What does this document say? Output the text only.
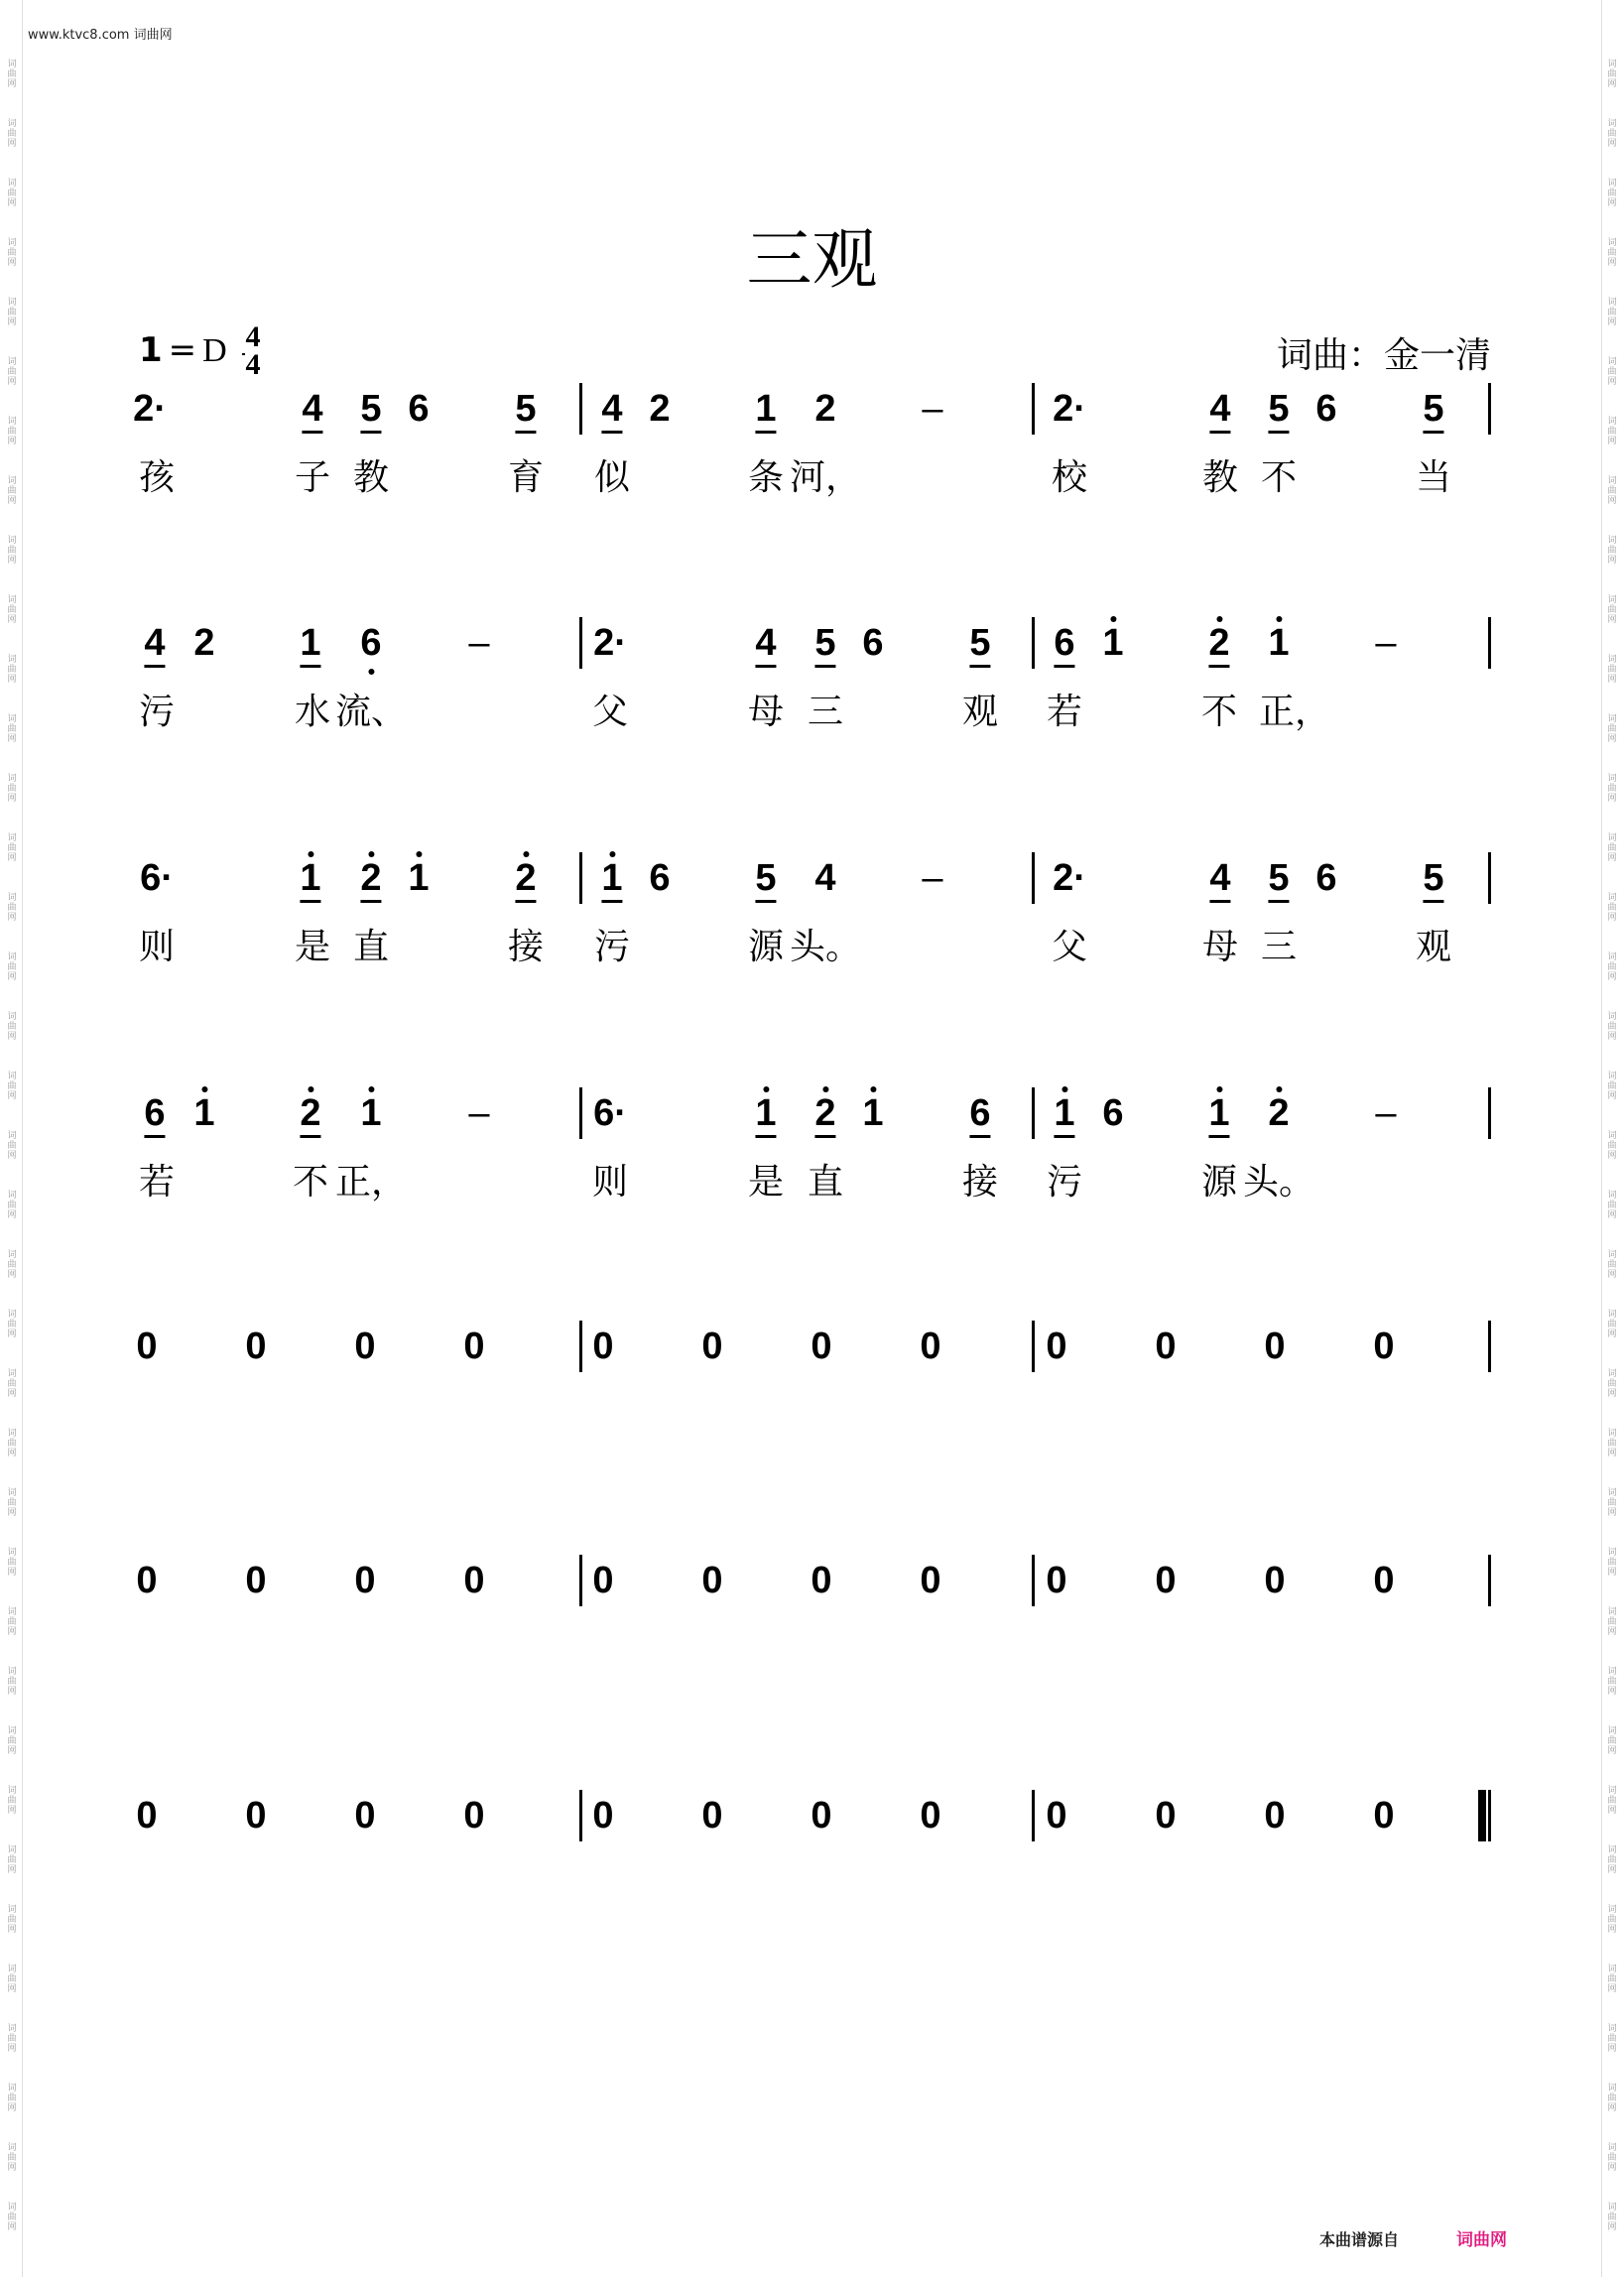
词
曲
网
词
曲
网
词
曲
网
词
曲
网
词
曲
网
词
曲
网
词
曲
网
词
曲
网
词
曲
网
词
曲
网
词
曲
网
词
曲
网
词
曲
网
词
曲
网
词
曲
网
词
曲
网
词
曲
网
词
曲
网
词
曲
网
词
曲
网
词
曲
网
词
曲
网
词
曲
网
词
曲
网
词
曲
网
词
曲
网
词
曲
网
词
曲
网
词
曲
网
词
曲
网
词
曲
网
词
曲
网
词
曲
网
词
曲
网
词
曲
网
词
曲
网
词
曲
网
词
曲
网
词
曲
网
词
曲
网
词
曲
网
词
曲
网
词
曲
网
词
曲
网
词
曲
网
词
曲
网
词
曲
网
词
曲
网
词
曲
网
词
曲
网
词
曲
网
词
曲
网
词
曲
网
词
曲
网
词
曲
网
词
曲
网
词
曲
网
词
曲
网
词
曲
网
词
曲
网
词
曲
网
词
曲
网
词
曲
网
词
曲
网
词
曲
网
词
曲
网
词
曲
网
词
曲
网
词
曲
网
词
曲
网
词
曲
网
词
曲
网
词
曲
网
词
曲
网
www.ktvc8.com 词曲网
三观
1 = D 4
4	词曲：金一清
2·	4 5 6 5 4 2 1 2 –	2·	4 5 6 5
孩	子 教	育 似	条 河，	校	教 不	当
4 2 1 6 –	2·	4 5 6 5 6 1 2 1 –
污	水 流、	父	母 三	观 若	不 正，
6·	1 2 1 2 1 6 5 4 –	2·	4 5 6 5
则	是 直	接 污	源 头。	父	母 三	观
6 1 2 1 –	6·	1 2 1 6 1 6 1 2 –
若	不 正，	则	是 直	接 污	源 头。
0 0 0 0	0 0 0 0	0 0 0 0
0 0 0 0	0 0 0 0	0 0 0 0
0 0 0 0	0 0 0 0	0 0 0 0
本曲谱源自	词曲网
